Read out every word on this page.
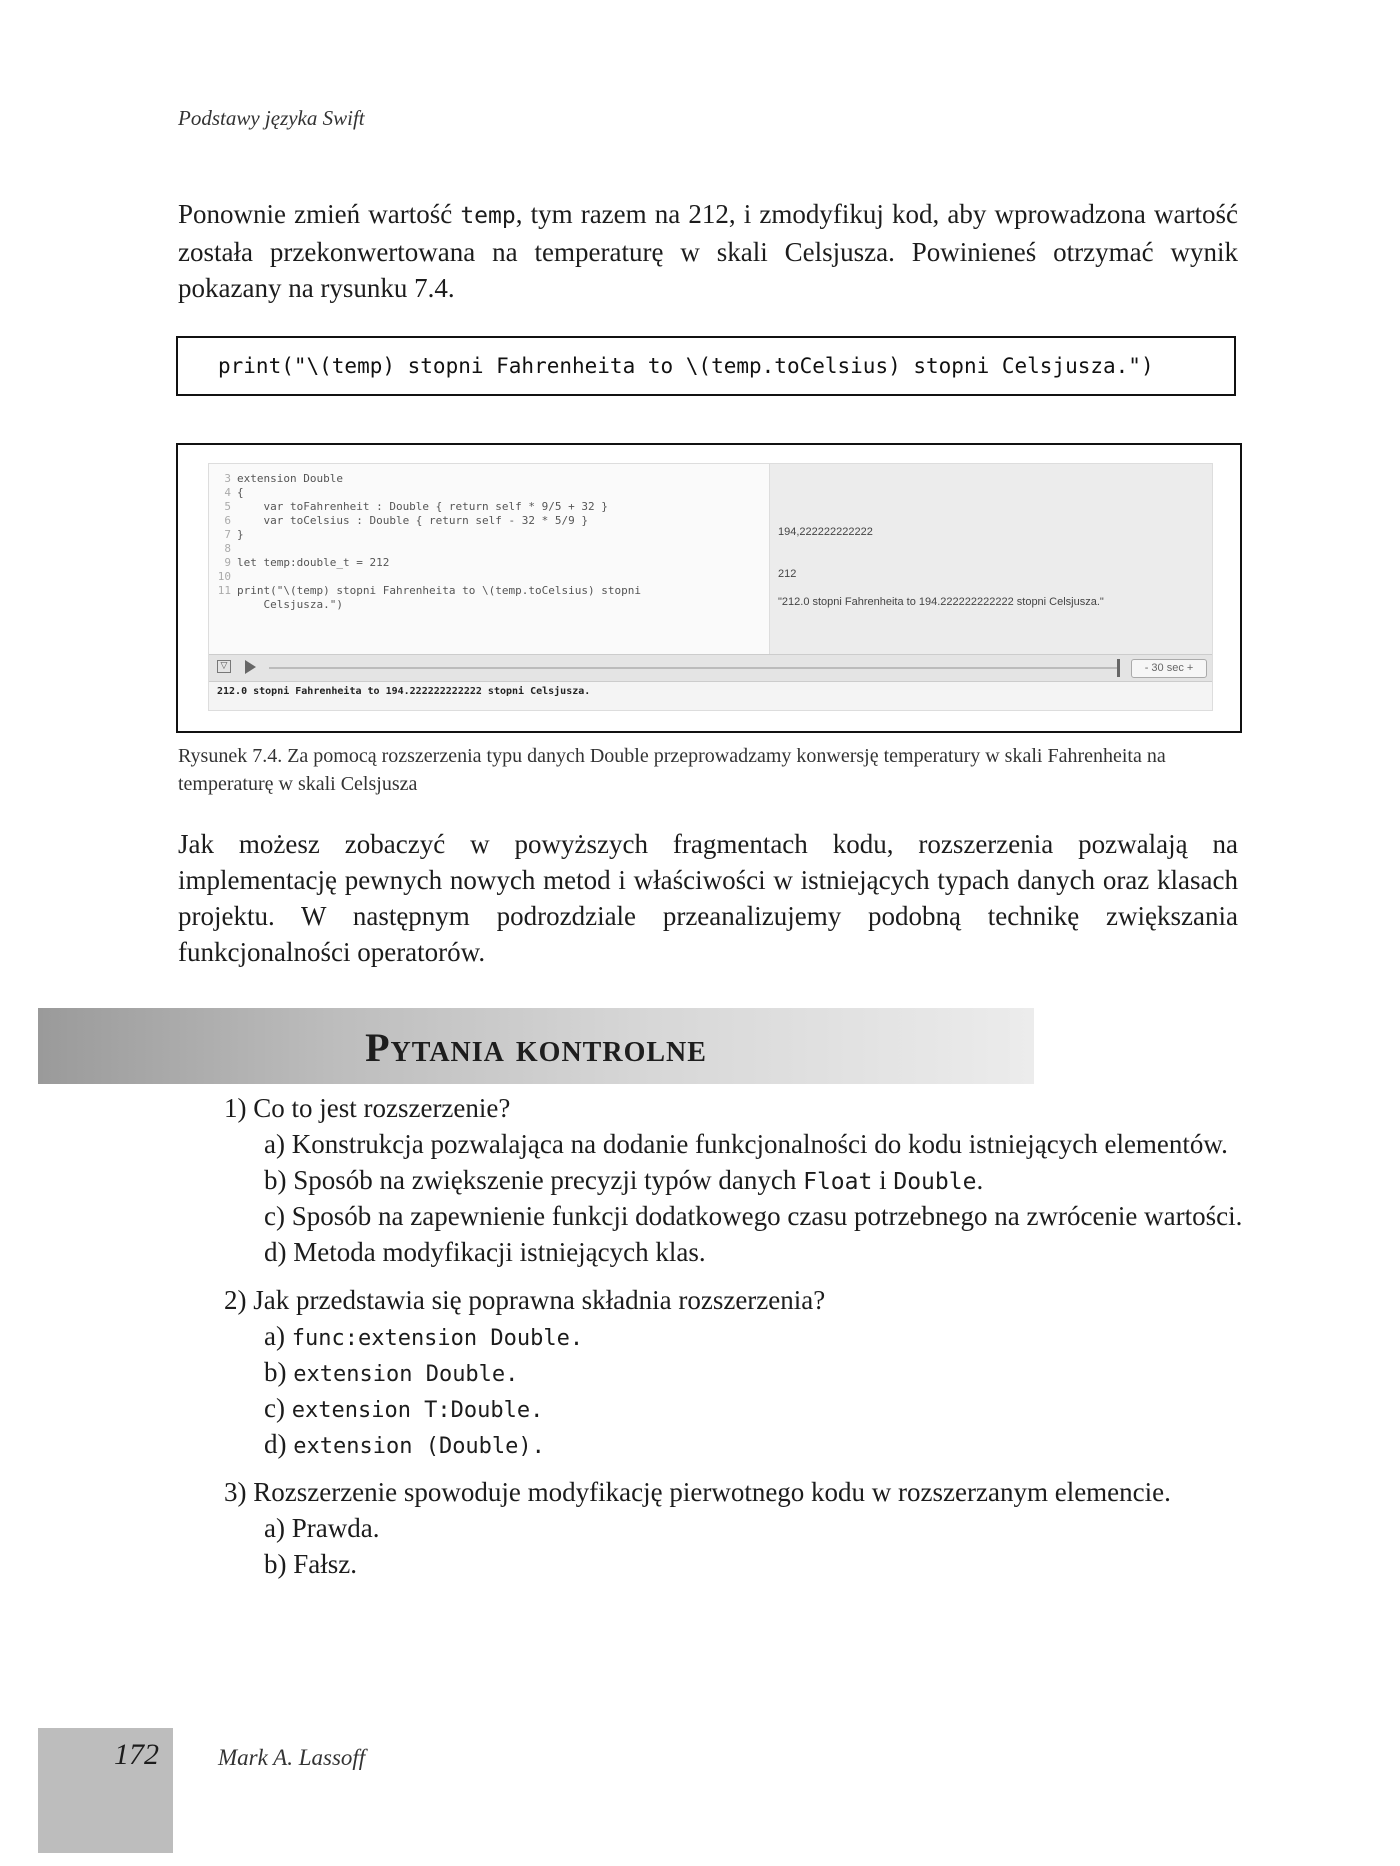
Podstawy języka Swift
Ponownie zmień wartość temp, tym razem na 212, i zmodyfikuj kod, aby wprowadzona wartość została przekonwertowana na temperaturę w skali Celsjusza. Powinieneś otrzymać wynik pokazany na rysunku 7.4.
print("\(temp) stopni Fahrenheita to \(temp.toCelsius) stopni Celsjusza.")
3 extension Double
4 {
5    var toFahrenheit : Double { return self * 9/5 + 32 }
6    var toCelsius : Double { return self - 32 * 5/9 }
7 }
8
9 let temp:double_t = 212
10
11 print("\(temp) stopni Fahrenheita to \(temp.toCelsius) stopni
Celsjusza.")
194,222222222222
212
"212.0 stopni Fahrenheita to 194.222222222222 stopni Celsjusza."
▽	- 30 sec +
212.0 stopni Fahrenheita to 194.222222222222 stopni Celsjusza.
Rysunek 7.4. Za pomocą rozszerzenia typu danych Double przeprowadzamy konwersję temperatury w skali Fahrenheita na temperaturę w skali Celsjusza
Jak możesz zobaczyć w powyższych fragmentach kodu, rozszerzenia pozwalają na implementację pewnych nowych metod i właściwości w istniejących typach danych oraz klasach projektu. W następnym podrozdziale przeanalizujemy podobną technikę zwiększania funkcjonalności operatorów.
Pytania kontrolne
1) Co to jest rozszerzenie?
a) Konstrukcja pozwalająca na dodanie funkcjonalności do kodu istniejących elementów.
b) Sposób na zwiększenie precyzji typów danych Float i Double.
c) Sposób na zapewnienie funkcji dodatkowego czasu potrzebnego na zwrócenie wartości.
d) Metoda modyfikacji istniejących klas.
2) Jak przedstawia się poprawna składnia rozszerzenia?
a) func:extension Double.
b) extension Double.
c) extension T:Double.
d) extension (Double).
3) Rozszerzenie spowoduje modyfikację pierwotnego kodu w rozszerzanym elemencie.
a) Prawda.
b) Fałsz.
172	Mark A. Lassoff
